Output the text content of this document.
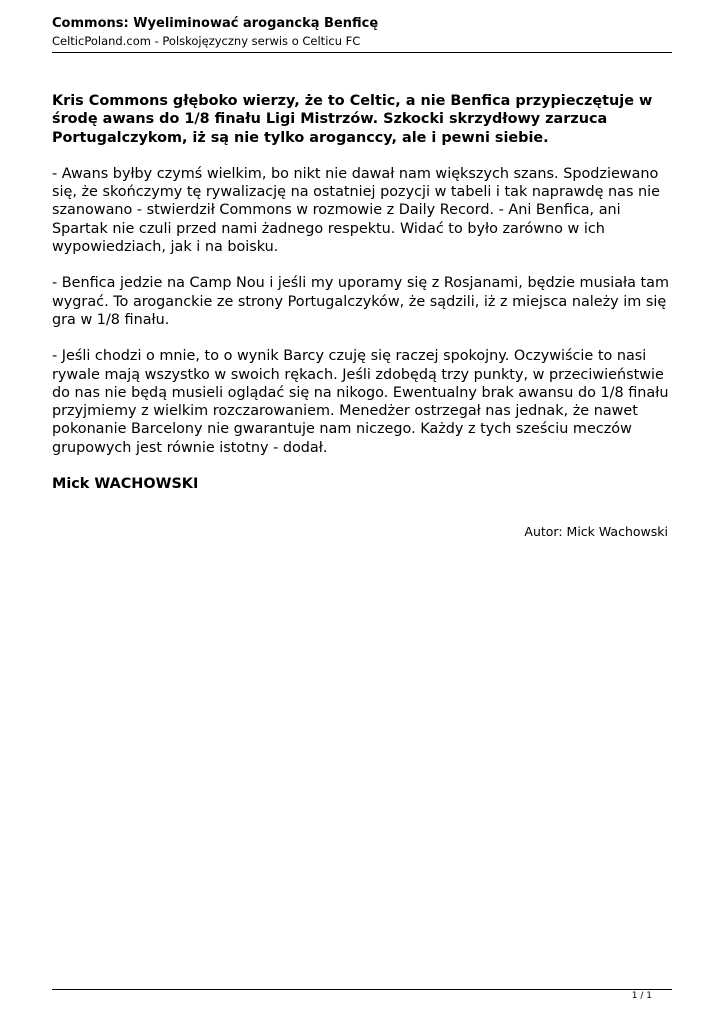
Commons: Wyeliminować arogancką Benficę
CelticPoland.com - Polskojęzyczny serwis o Celticu FC

Kris Commons głęboko wierzy, że to Celtic, a nie Benfica przypieczętuje w środę awans do 1/8 finału Ligi Mistrzów. Szkocki skrzydłowy zarzuca Portugalczykom, iż są nie tylko aroganccy, ale i pewni siebie.

- Awans byłby czymś wielkim, bo nikt nie dawał nam większych szans. Spodziewano się, że skończymy tę rywalizację na ostatniej pozycji w tabeli i tak naprawdę nas nie szanowano - stwierdził Commons w rozmowie z Daily Record. - Ani Benfica, ani Spartak nie czuli przed nami żadnego respektu. Widać to było zarówno w ich wypowiedziach, jak i na boisku.

- Benfica jedzie na Camp Nou i jeśli my uporamy się z Rosjanami, będzie musiała tam wygrać. To aroganckie ze strony Portugalczyków, że sądzili, iż z miejsca należy im się gra w 1/8 finału.

- Jeśli chodzi o mnie, to o wynik Barcy czuję się raczej spokojny. Oczywiście to nasi rywale mają wszystko w swoich rękach. Jeśli zdobędą trzy punkty, w przeciwieństwie do nas nie będą musieli oglądać się na nikogo. Ewentualny brak awansu do 1/8 finału przyjmiemy z wielkim rozczarowaniem. Menedżer ostrzegał nas jednak, że nawet pokonanie Barcelony nie gwarantuje nam niczego. Każdy z tych sześciu meczów grupowych jest równie istotny - dodał.

Mick WACHOWSKI

Autor: Mick Wachowski
1 / 1
